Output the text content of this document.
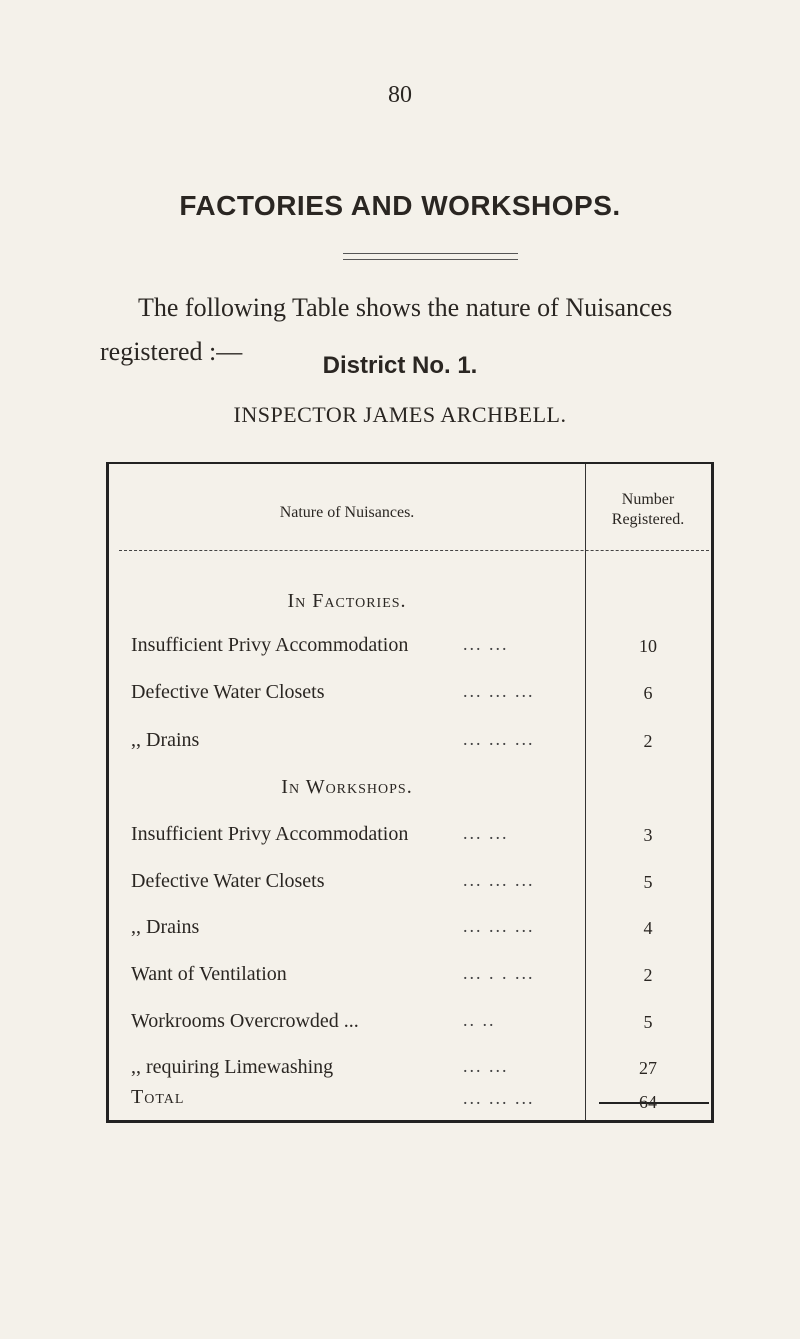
80
FACTORIES AND WORKSHOPS.
The following Table shows the nature of Nuisances
registered :—	District No. 1.
INSPECTOR JAMES ARCHBELL.
Nature of Nuisances.
Number
Registered.
In Factories.
Insufficient Privy Accommodation	... ...	10
Defective Water Closets	... ... ...	6
,, Drains	... ... ...	2
In Workshops.
Insufficient Privy Accommodation	... ...	3
Defective Water Closets	... ... ...	5
,, Drains	... ... ...	4
Want of Ventilation	... . . ...	2
Workrooms Overcrowded ...	.. ..	5
,, requiring Limewashing	... ...	27
Total	... ... ...	64
